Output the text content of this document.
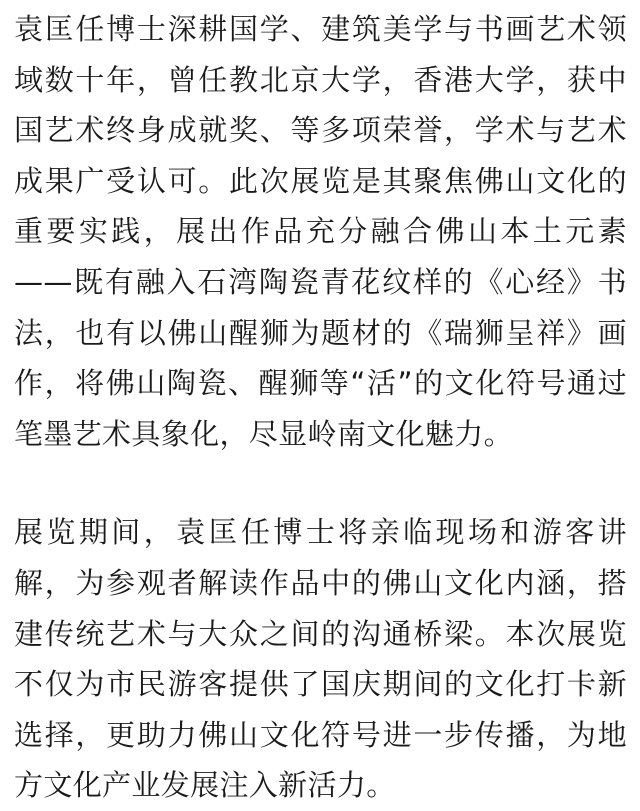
袁匡任博士深耕国学、建筑美学与书画艺术领域数十年，曾任教北京大学，香港大学，获中国艺术终身成就奖、等多项荣誉，学术与艺术成果广受认可。此次展览是其聚焦佛山文化的重要实践，展出作品充分融合佛山本土元素——既有融入石湾陶瓷青花纹样的《心经》书法，也有以佛山醒狮为题材的《瑞狮呈祥》画作，将佛山陶瓷、醒狮等“活”的文化符号通过笔墨艺术具象化，尽显岭南文化魅力。

展览期间，袁匡任博士将亲临现场和游客讲解，为参观者解读作品中的佛山文化内涵，搭建传统艺术与大众之间的沟通桥梁。本次展览不仅为市民游客提供了国庆期间的文化打卡新选择，更助力佛山文化符号进一步传播，为地方文化产业发展注入新活力。
